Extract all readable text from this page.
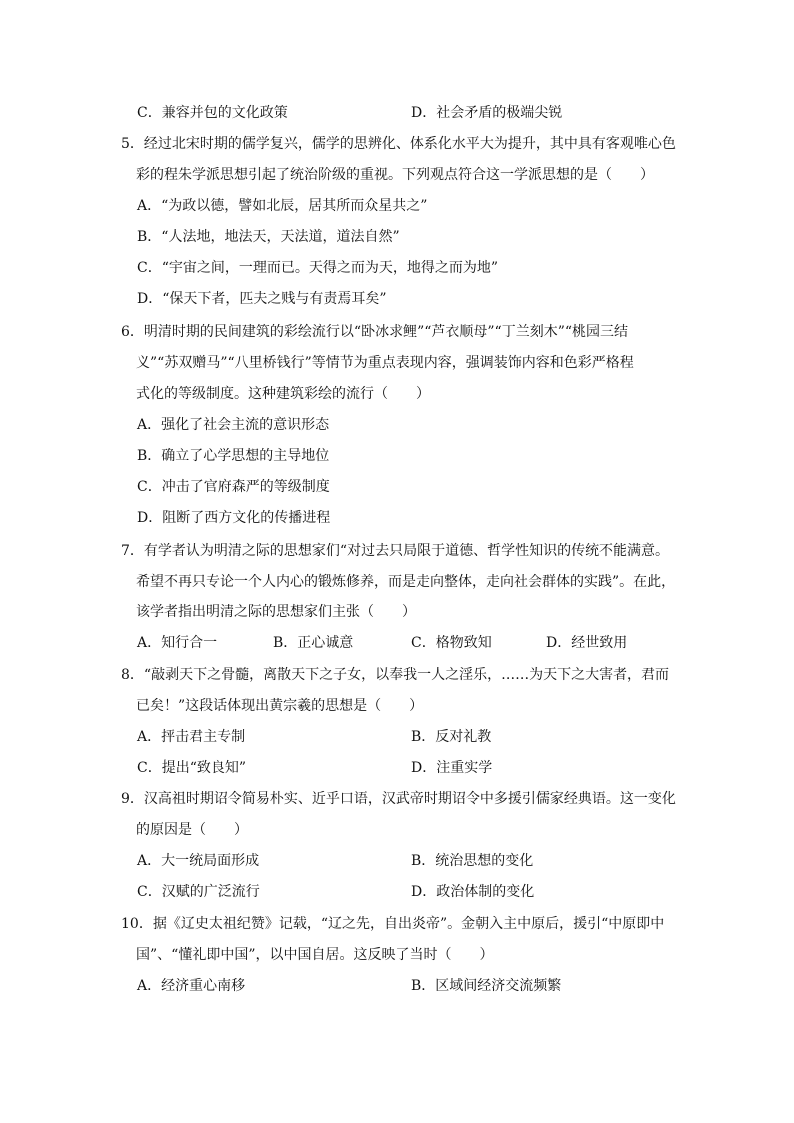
C．兼容并包的文化政策	D．社会矛盾的极端尖锐
5．经过北宋时期的儒学复兴，儒学的思辨化、体系化水平大为提升，其中具有客观唯心色
彩的程朱学派思想引起了统治阶级的重视。下列观点符合这一学派思想的是（　　）
A．“为政以德，譬如北辰，居其所而众星共之”
B．“人法地，地法天，天法道，道法自然”
C．“宇宙之间，一理而已。天得之而为天，地得之而为地”
D．“保天下者，匹夫之贱与有责焉耳矣”
6．明清时期的民间建筑的彩绘流行以“卧冰求鲤”“芦衣顺母”“丁兰刻木”“桃园三结
义”“苏双赠马”“八里桥钱行”等情节为重点表现内容，强调装饰内容和色彩严格程
式化的等级制度。这种建筑彩绘的流行（　　）
A．强化了社会主流的意识形态
B．确立了心学思想的主导地位
C．冲击了官府森严的等级制度
D．阻断了西方文化的传播进程
7．有学者认为明清之际的思想家们“对过去只局限于道德、哲学性知识的传统不能满意。
希望不再只专论一个人内心的锻炼修养，而是走向整体，走向社会群体的实践”。在此，
该学者指出明清之际的思想家们主张（　　）
A．知行合一	B．正心诚意	C．格物致知	D．经世致用
8．“敲剥天下之骨髓，离散天下之子女，以奉我一人之淫乐，……为天下之大害者，君而
已矣！”这段话体现出黄宗羲的思想是（　　）
A．抨击君主专制	B．反对礼教
C．提出“致良知”	D．注重实学
9．汉高祖时期诏令简易朴实、近乎口语，汉武帝时期诏令中多援引儒家经典语。这一变化
的原因是（　　）
A．大一统局面形成	B．统治思想的变化
C．汉赋的广泛流行	D．政治体制的变化
10．据《辽史太祖纪赞》记载，“辽之先，自出炎帝”。金朝入主中原后，援引“中原即中
国”、“懂礼即中国”，以中国自居。这反映了当时（　　）
A．经济重心南移	B．区域间经济交流频繁
